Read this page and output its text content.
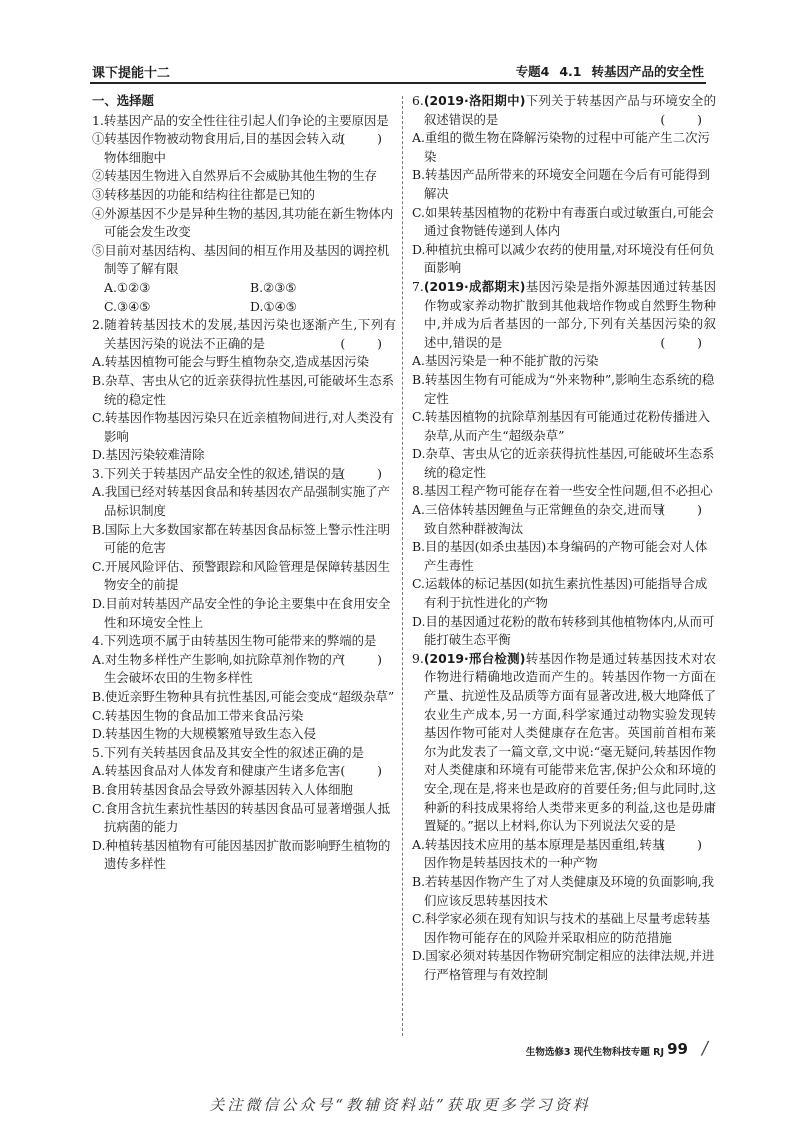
课下提能十二	专题4 4.1 转基因产品的安全性
一、选择题
1.转基因产品的安全性往往引起人们争论的主要原因是
( )
①转基因作物被动物食用后,目的基因会转入动物体细胞中
②转基因生物进入自然界后不会威胁其他生物的生存
③转移基因的功能和结构往往都是已知的
④外源基因不少是异种生物的基因,其功能在新生物体内可能会发生改变
⑤目前对基因结构、基因间的相互作用及基因的调控机制等了解有限
A.①②③	B.②③⑤
C.③④⑤	D.①④⑤
2.随着转基因技术的发展,基因污染也逐渐产生,下列有关基因污染的说法不正确的是	( )
A.转基因植物可能会与野生植物杂交,造成基因污染
B.杂草、害虫从它的近亲获得抗性基因,可能破坏生态系统的稳定性
C.转基因作物基因污染只在近亲植物间进行,对人类没有影响
D.基因污染较难清除
3.下列关于转基因产品安全性的叙述,错误的是
( )
A.我国已经对转基因食品和转基因农产品强制实施了产品标识制度
B.国际上大多数国家都在转基因食品标签上警示性注明可能的危害
C.开展风险评估、预警跟踪和风险管理是保障转基因生物安全的前提
D.目前对转基因产品安全性的争论主要集中在食用安全性和环境安全性上
4.下列选项不属于由转基因生物可能带来的弊端的是
( )
A.对生物多样性产生影响,如抗除草剂作物的产生会破坏农田的生物多样性
B.使近亲野生物种具有抗性基因,可能会变成“超级杂草”
C.转基因生物的食品加工带来食品污染
D.转基因生物的大规模繁殖导致生态入侵
5.下列有关转基因食品及其安全性的叙述正确的是
( )
A.转基因食品对人体发育和健康产生诸多危害
B.食用转基因食品会导致外源基因转入人体细胞
C.食用含抗生素抗性基因的转基因食品可显著增强人抵抗病菌的能力
D.种植转基因植物有可能因基因扩散而影响野生植物的遗传多样性
6.(2019·洛阳期中)下列关于转基因产品与环境安全的叙述错误的是	( )
A.重组的微生物在降解污染物的过程中可能产生二次污染
B.转基因产品所带来的环境安全问题在今后有可能得到解决
C.如果转基因植物的花粉中有毒蛋白或过敏蛋白,可能会通过食物链传递到人体内
D.种植抗虫棉可以减少农药的使用量,对环境没有任何负面影响
7.(2019·成都期末)基因污染是指外源基因通过转基因作物或家养动物扩散到其他栽培作物或自然野生物种中,并成为后者基因的一部分,下列有关基因污染的叙述中,错误的是	( )
A.基因污染是一种不能扩散的污染
B.转基因生物有可能成为“外来物种”,影响生态系统的稳定性
C.转基因植物的抗除草剂基因有可能通过花粉传播进入杂草,从而产生“超级杂草”
D.杂草、害虫从它的近亲获得抗性基因,可能破坏生态系统的稳定性
8.基因工程产物可能存在着一些安全性问题,但不必担心
( )
A.三倍体转基因鲤鱼与正常鲤鱼的杂交,进而导致自然种群被淘汰
B.目的基因(如杀虫基因)本身编码的产物可能会对人体产生毒性
C.运载体的标记基因(如抗生素抗性基因)可能指导合成有利于抗性进化的产物
D.目的基因通过花粉的散布转移到其他植物体内,从而可能打破生态平衡
9.(2019·邢台检测)转基因作物是通过转基因技术对农作物进行精确地改造而产生的。转基因作物一方面在产量、抗逆性及品质等方面有显著改进,极大地降低了农业生产成本,另一方面,科学家通过动物实验发现转基因作物可能对人类健康存在危害。英国前首相布莱尔为此发表了一篇文章,文中说:“毫无疑问,转基因作物对人类健康和环境有可能带来危害,保护公众和环境的安全,现在是,将来也是政府的首要任务;但与此同时,这种新的科技成果将给人类带来更多的利益,这也是毋庸置疑的。”据以上材料,你认为下列说法欠妥的是
( )
A.转基因技术应用的基本原理是基因重组,转基因作物是转基因技术的一种产物
B.若转基因作物产生了对人类健康及环境的负面影响,我们应该反思转基因技术
C.科学家必须在现有知识与技术的基础上尽量考虑转基因作物可能存在的风险并采取相应的防范措施
D.国家必须对转基因作物研究制定相应的法律法规,并进行严格管理与有效控制
生物选修3 现代生物科技专题 RJ 99 /
关注微信公众号“教辅资料站”获取更多学习资料
